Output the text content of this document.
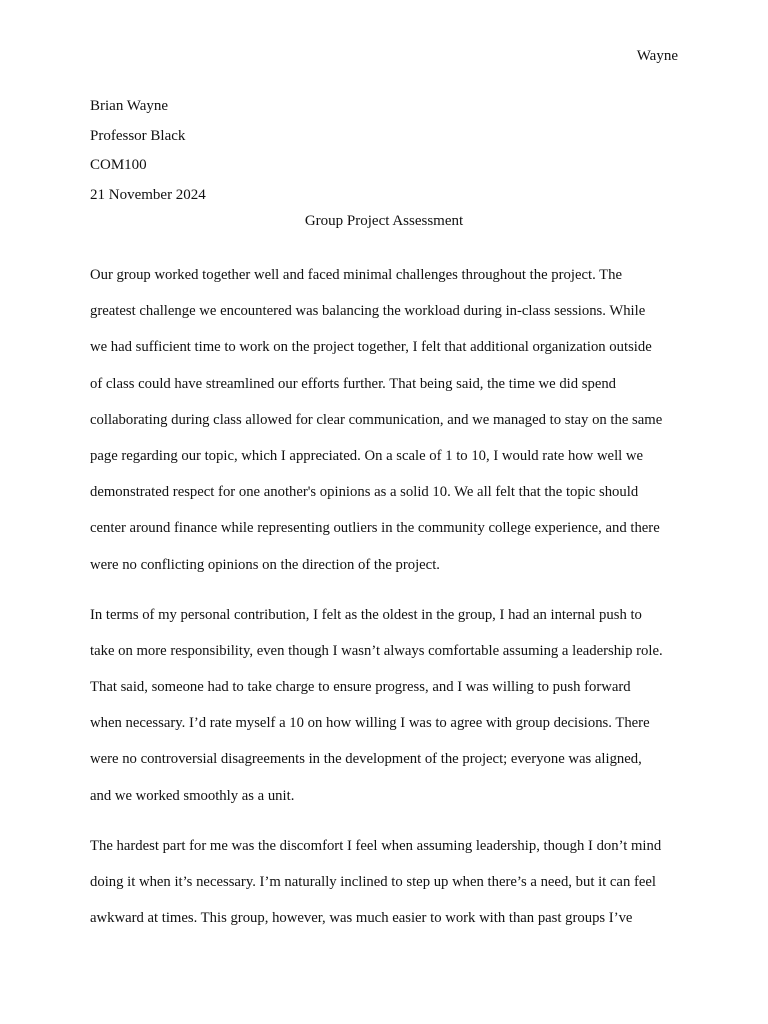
Wayne
Brian Wayne
Professor Black
COM100
21 November 2024
Group Project Assessment
Our group worked together well and faced minimal challenges throughout the project. The
greatest challenge we encountered was balancing the workload during in-class sessions. While
we had sufficient time to work on the project together, I felt that additional organization outside
of class could have streamlined our efforts further. That being said, the time we did spend
collaborating during class allowed for clear communication, and we managed to stay on the same
page regarding our topic, which I appreciated. On a scale of 1 to 10, I would rate how well we
demonstrated respect for one another's opinions as a solid 10. We all felt that the topic should
center around finance while representing outliers in the community college experience, and there
were no conflicting opinions on the direction of the project.
In terms of my personal contribution, I felt as the oldest in the group, I had an internal push to
take on more responsibility, even though I wasn’t always comfortable assuming a leadership role.
That said, someone had to take charge to ensure progress, and I was willing to push forward
when necessary. I’d rate myself a 10 on how willing I was to agree with group decisions. There
were no controversial disagreements in the development of the project; everyone was aligned,
and we worked smoothly as a unit.
The hardest part for me was the discomfort I feel when assuming leadership, though I don’t mind
doing it when it’s necessary. I’m naturally inclined to step up when there’s a need, but it can feel
awkward at times. This group, however, was much easier to work with than past groups I’ve
